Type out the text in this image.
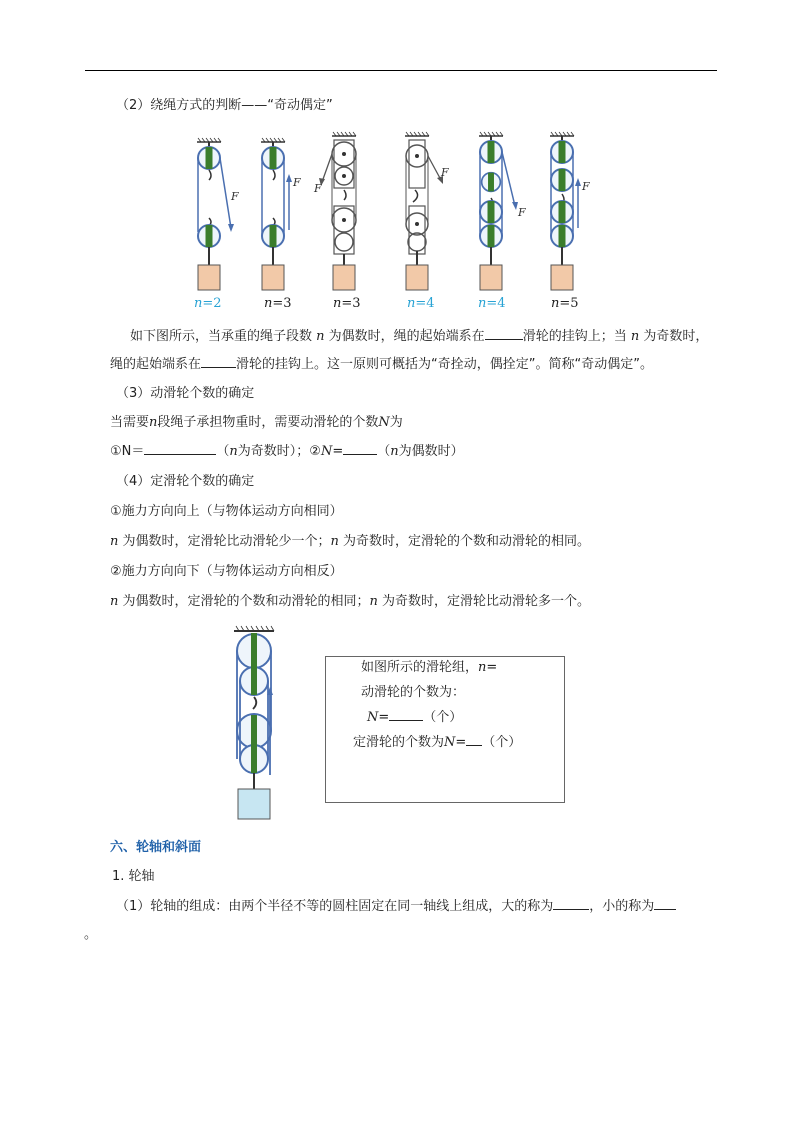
（2）绕绳方式的判断——“奇动偶定”
F
F F
F
F
F
n=2	n=3	n=3	n=4	n=4	n=5
如下图所示，当承重的绳子段数 n 为偶数时，绳的起始端系在	滑轮的挂钩上；当 n 为奇数时，
绳的起始端系在	滑轮的挂钩上。这一原则可概括为“奇拴动，偶拴定”。简称“奇动偶定”。
（3）动滑轮个数的确定
当需要n段绳子承担物重时，需要动滑轮的个数N为
①N＝	（n为奇数时）；②N=	（n为偶数时）
（4）定滑轮个数的确定
①施力方向向上（与物体运动方向相同）
n 为偶数时，定滑轮比动滑轮少一个；n 为奇数时，定滑轮的个数和动滑轮的相同。
②施力方向向下（与物体运动方向相反）
n 为偶数时，定滑轮的个数和动滑轮的相同；n 为奇数时，定滑轮比动滑轮多一个。
如图所示的滑轮组，n=
动滑轮的个数为：
N=	（个）
定滑轮的个数为N= （个）
六、轮轴和斜面
1. 轮轴
（1）轮轴的组成：由两个半径不等的圆柱固定在同一轴线上组成，大的称为	，小的称为
。
